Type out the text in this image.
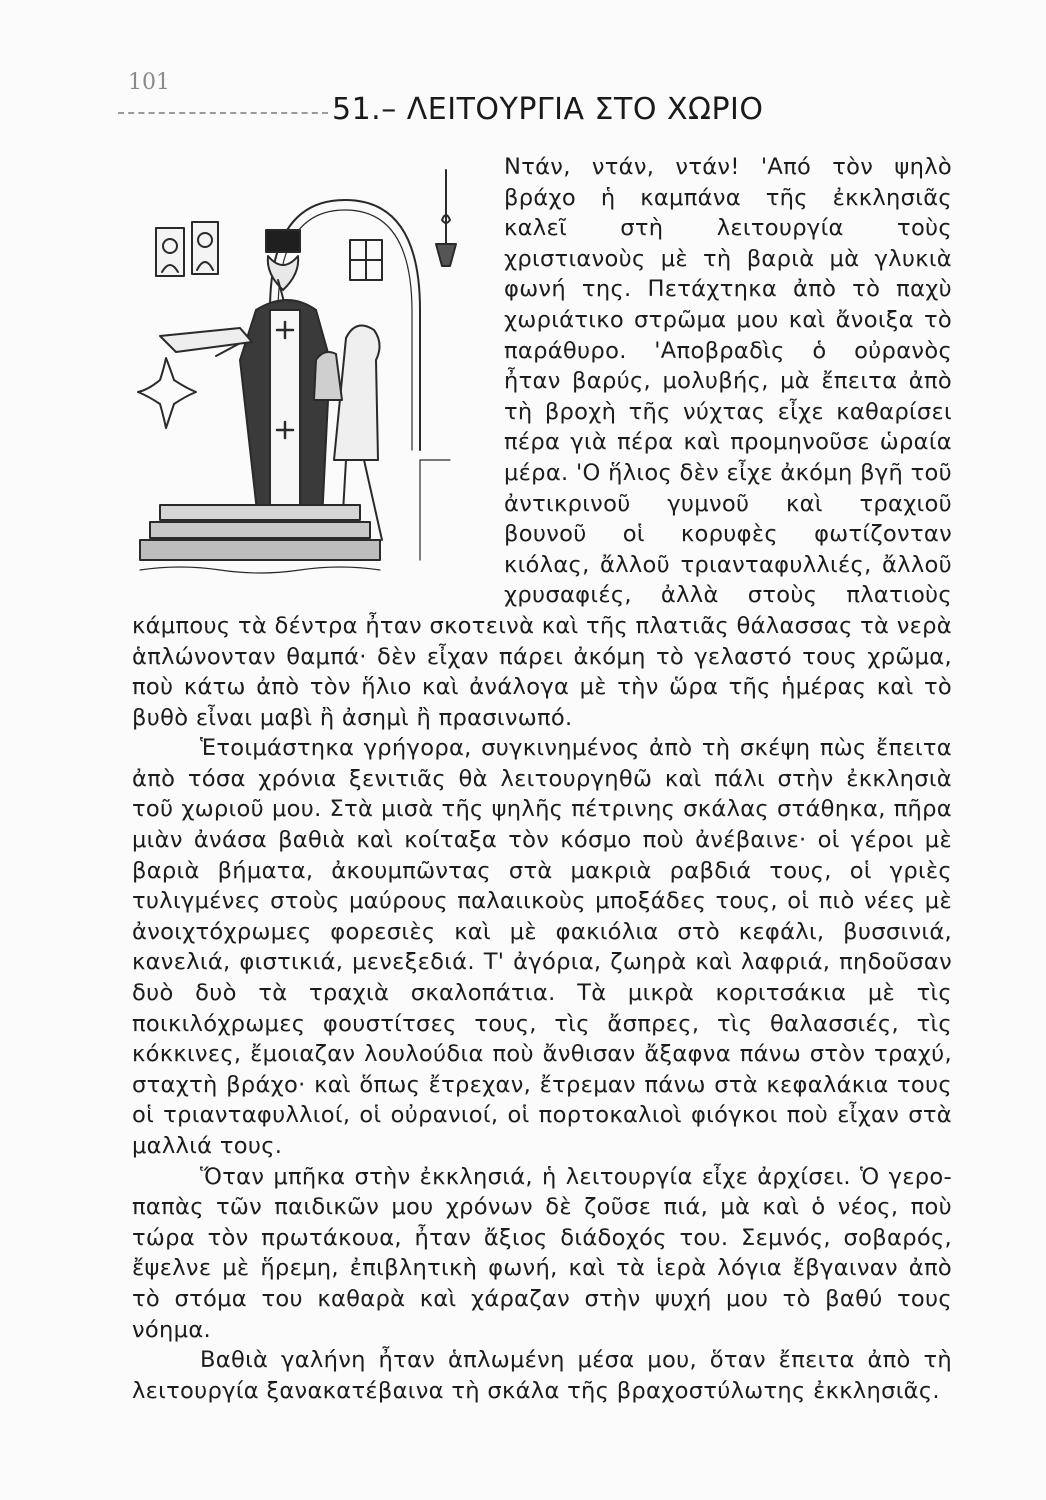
101
51.– ΛΕΙΤΟΥΡΓΙΑ ΣΤΟ ΧΩΡΙΟ

Ντάν, ντάν, ντάν! 'Από τὸν ψηλὸ βράχο ἡ καμπάνα τῆς ἐκκλησιᾶς καλεῖ στὴ λειτουργία τοὺς χριστιανοὺς μὲ τὴ βαριὰ μὰ γλυκιὰ φωνή της. Πετάχτηκα ἀπὸ τὸ παχὺ χωριάτικο στρῶμα μου καὶ ἄνοιξα τὸ παράθυρο. 'Αποβραδὶς ὁ οὐρανὸς ἦταν βαρύς, μολυβής, μὰ ἔπειτα ἀπὸ τὴ βροχὴ τῆς νύχτας εἶχε καθαρίσει πέρα γιὰ πέρα καὶ προμηνοῦσε ὡραία μέρα. 'Ο ἥλιος δὲν εἶχε ἀκόμη βγῆ τοῦ ἀντικρινοῦ γυμνοῦ καὶ τραχιοῦ βουνοῦ οἱ κορυφὲς φωτίζονταν κιόλας, ἄλλοῦ τριανταφυλλιές, ἄλλοῦ χρυσαφιές, ἀλλὰ στοὺς πλατιοὺς κάμπους τὰ δέντρα ἦταν σκοτεινὰ καὶ τῆς πλατιᾶς θάλασσας τὰ νερὰ ἁπλώνονταν θαμπά· δὲν εἶχαν πάρει ἀκόμη τὸ γελαστό τους χρῶμα, ποὺ κάτω ἀπὸ τὸν ἥλιο καὶ ἀνάλογα μὲ τὴν ὥρα τῆς ἡμέρας καὶ τὸ βυθὸ εἶναι μαβὶ ἢ ἀσημὶ ἢ πρασινωπό.

Ἑτοιμάστηκα γρήγορα, συγκινημένος ἀπὸ τὴ σκέψη πὼς ἔπειτα ἀπὸ τόσα χρόνια ξενιτιᾶς θὰ λειτουργηθῶ καὶ πάλι στὴν ἐκκλησιὰ τοῦ χωριοῦ μου. Στὰ μισὰ τῆς ψηλῆς πέτρινης σκάλας στάθηκα, πῆρα μιὰν ἀνάσα βαθιὰ καὶ κοίταξα τὸν κόσμο ποὺ ἀνέβαινε· οἱ γέροι μὲ βαριὰ βήματα, ἀκουμπῶντας στὰ μακριὰ ραβδιά τους, οἱ γριὲς τυλιγμένες στοὺς μαύρους παλαιικοὺς μποξάδες τους, οἱ πιὸ νέες μὲ ἀνοιχτόχρωμες φορεσιὲς καὶ μὲ φακιόλια στὸ κεφάλι, βυσσινιά, κανελιά, φιστικιά, μενεξεδιά. Τ' ἀγόρια, ζωηρὰ καὶ λαφριά, πηδοῦσαν δυὸ δυὸ τὰ τραχιὰ σκαλοπάτια. Τὰ μικρὰ κοριτσάκια μὲ τὶς ποικιλόχρωμες φουστίτσες τους, τὶς ἄσπρες, τὶς θαλασσιές, τὶς κόκκινες, ἔμοιαζαν λουλούδια ποὺ ἄνθισαν ἄξαφνα πάνω στὸν τραχύ, σταχτὴ βράχο· καὶ ὅπως ἔτρεχαν, ἔτρεμαν πάνω στὰ κεφαλάκια τους οἱ τριανταφυλλιοί, οἱ οὐρανιοί, οἱ πορτοκαλιοὶ φιόγκοι ποὺ εἶχαν στὰ μαλλιά τους.

Ὅταν μπῆκα στὴν ἐκκλησιά, ἡ λειτουργία εἶχε ἀρχίσει. Ὁ γερο-παπὰς τῶν παιδικῶν μου χρόνων δὲ ζοῦσε πιά, μὰ καὶ ὁ νέος, ποὺ τώρα τὸν πρωτάκουα, ἦταν ἄξιος διάδοχός του. Σεμνός, σοβαρός, ἔψελνε μὲ ἥρεμη, ἐπιβλητικὴ φωνή, καὶ τὰ ἱερὰ λόγια ἔβγαιναν ἀπὸ τὸ στόμα του καθαρὰ καὶ χάραζαν στὴν ψυχή μου τὸ βαθύ τους νόημα.

Βαθιὰ γαλήνη ἦταν ἁπλωμένη μέσα μου, ὅταν ἔπειτα ἀπὸ τὴ λειτουργία ξανακατέβαινα τὴ σκάλα τῆς βραχοστύλωτης ἐκκλησιᾶς.
